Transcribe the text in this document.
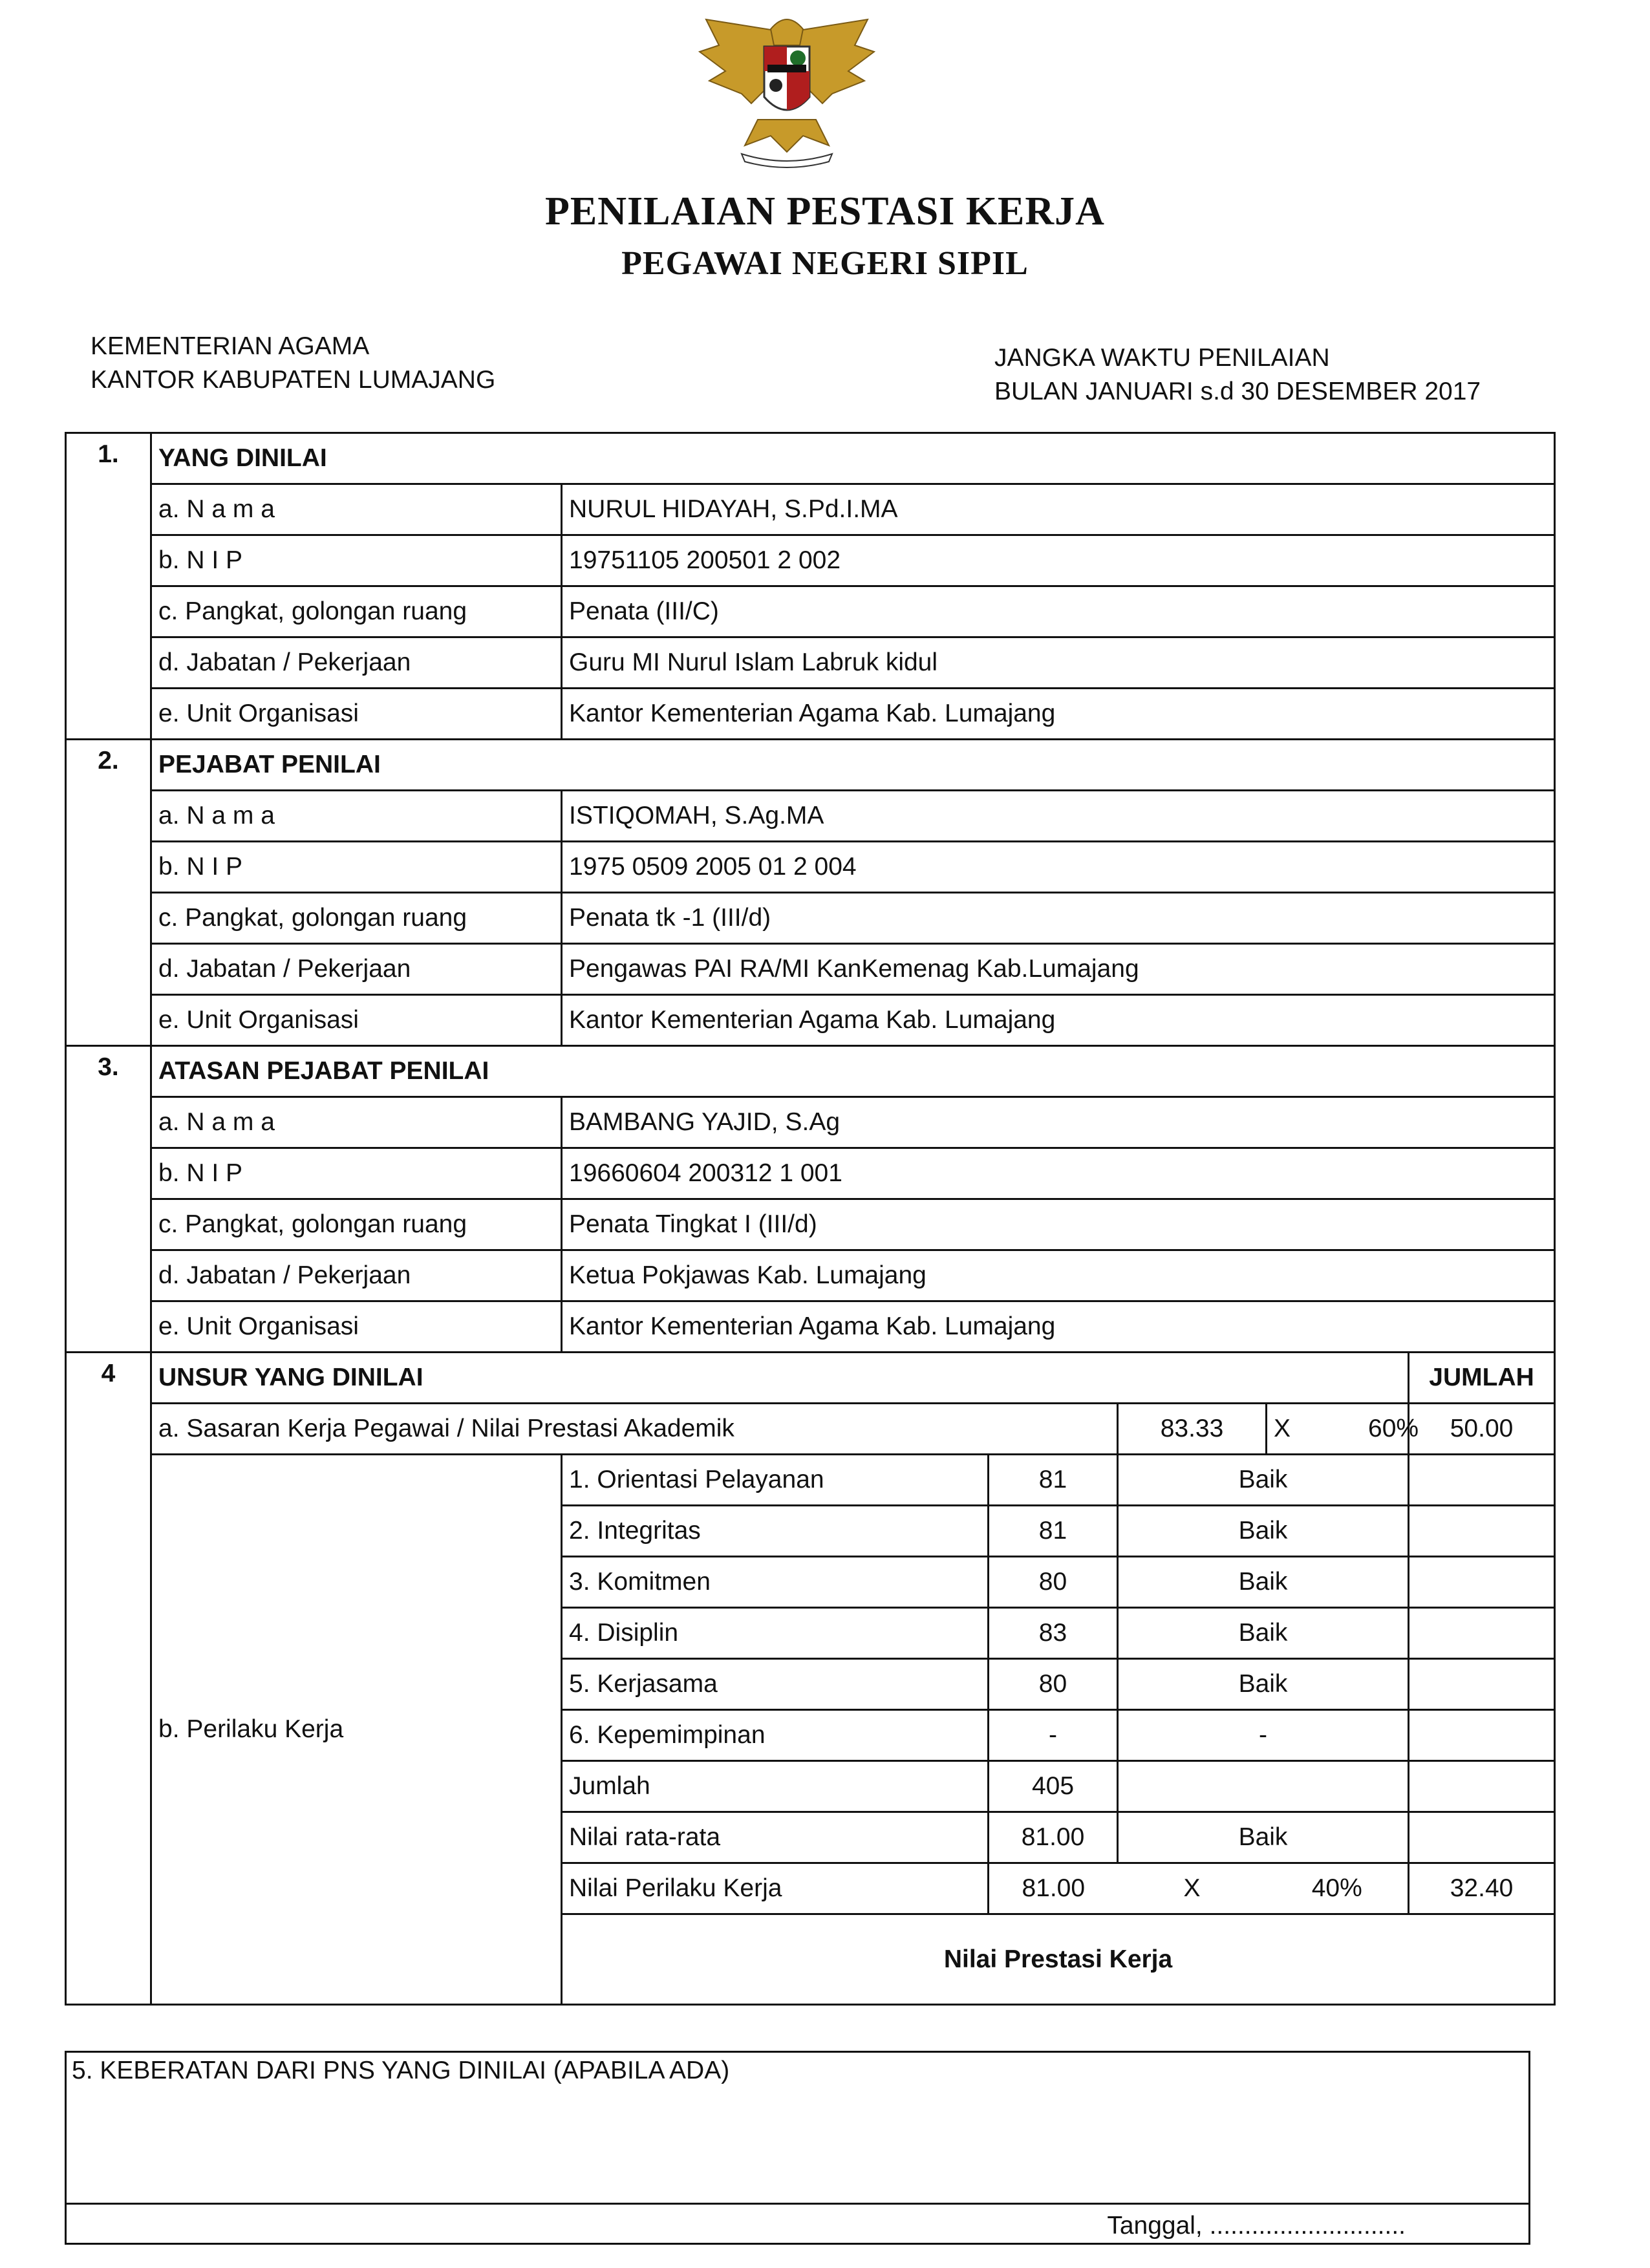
PENILAIAN PESTASI KERJA
PEGAWAI NEGERI SIPIL
KEMENTERIAN AGAMA
KANTOR KABUPATEN LUMAJANG
JANGKA WAKTU PENILAIAN
BULAN JANUARI s.d 30 DESEMBER 2017
1.	YANG DINILAI						
	a. N a m a	NURUL HIDAYAH, S.Pd.I.MA					
	b. N I P	19751105 200501 2 002					
	c. Pangkat, golongan ruang	Penata (III/C)					
	d. Jabatan / Pekerjaan	Guru MI Nurul Islam Labruk kidul					
	e. Unit Organisasi	Kantor Kementerian Agama Kab. Lumajang					
2.	PEJABAT PENILAI						
	a. N a m a	ISTIQOMAH, S.Ag.MA					
	b. N I P	1975 0509 2005 01 2 004					
	c. Pangkat, golongan ruang	Penata tk -1 (III/d)					
	d. Jabatan / Pekerjaan	Pengawas PAI RA/MI KanKemenag Kab.Lumajang					
	e. Unit Organisasi	Kantor Kementerian Agama Kab. Lumajang					
3.	ATASAN PEJABAT PENILAI						
	a. N a m a	BAMBANG YAJID, S.Ag					
	b. N I P	19660604 200312 1 001					
	c. Pangkat, golongan ruang	Penata Tingkat I (III/d)					
	d. Jabatan / Pekerjaan	Ketua Pokjawas Kab. Lumajang					
	e. Unit Organisasi	Kantor Kementerian Agama Kab. Lumajang					
4	UNSUR YANG DINILAI					JUMLAH	
	a. Sasaran Kerja Pegawai / Nilai Prestasi Akademik			83.33	X 60%	50.00	
	b. Perilaku Kerja	1. Orientasi Pelayanan	81	Baik			
		2. Integritas	81	Baik			
		3. Komitmen	80	Baik			
		4. Disiplin	83	Baik			
		5. Kerjasama	80	Baik			
		6. Kepemimpinan	-	-			
		Jumlah	405				
		Nilai rata-rata	81.00	Baik			
		Nilai Perilaku Kerja	81.00	X	40%	32.40	
		Nilai Prestasi Kerja	
5. KEBERATAN DARI PNS YANG DINILAI (APABILA ADA)
Tanggal, ............................
